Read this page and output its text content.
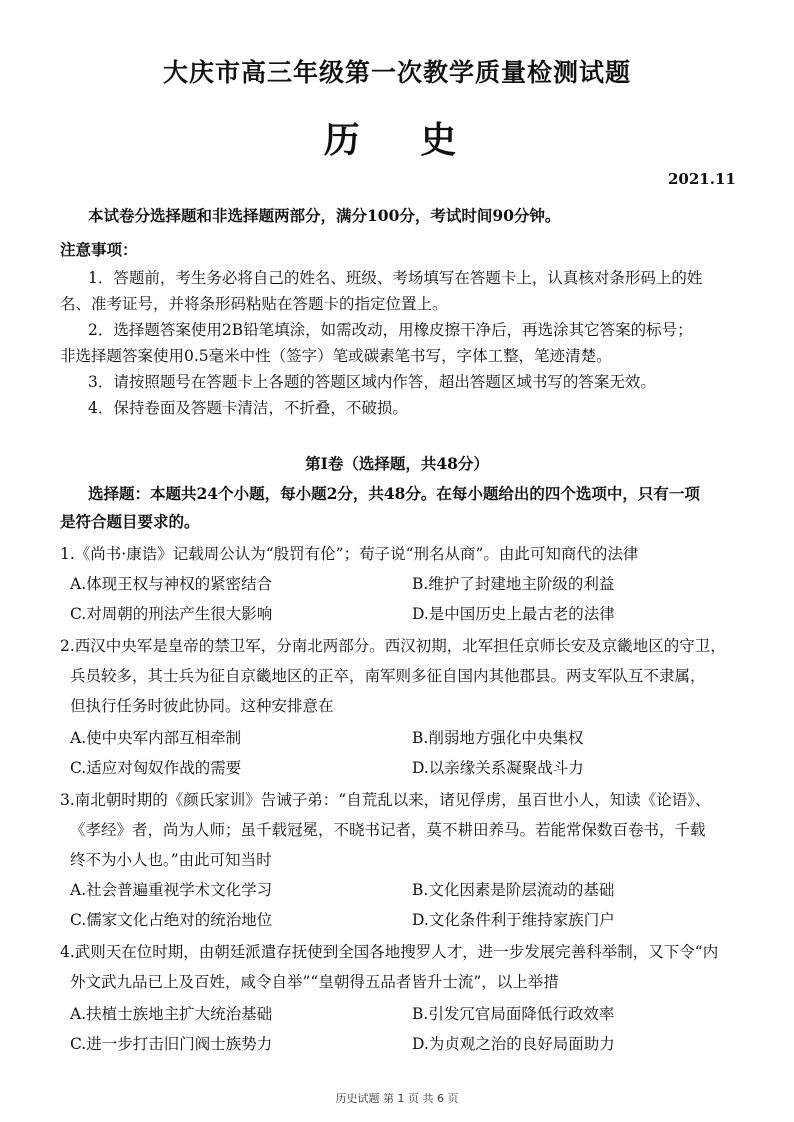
大庆市高三年级第一次教学质量检测试题
历 史
2021.11
本试卷分选择题和非选择题两部分，满分100分，考试时间90分钟。
注意事项：
1．答题前，考生务必将自己的姓名、班级、考场填写在答题卡上，认真核对条形码上的姓
名、准考证号，并将条形码粘贴在答题卡的指定位置上。
2．选择题答案使用2B铅笔填涂，如需改动，用橡皮擦干净后，再选涂其它答案的标号；
非选择题答案使用0.5毫米中性（签字）笔或碳素笔书写，字体工整，笔迹清楚。
3．请按照题号在答题卡上各题的答题区域内作答，超出答题区域书写的答案无效。
4．保持卷面及答题卡清洁，不折叠，不破损。
第Ⅰ卷（选择题，共48分）
选择题：本题共24个小题，每小题2分，共48分。在每小题给出的四个选项中，只有一项
是符合题目要求的。
1.《尚书·康诰》记载周公认为“殷罚有伦”；荀子说“刑名从商”。由此可知商代的法律
A.体现王权与神权的紧密结合	B.维护了封建地主阶级的利益
C.对周朝的刑法产生很大影响	D.是中国历史上最古老的法律
2.西汉中央军是皇帝的禁卫军，分南北两部分。西汉初期，北军担任京师长安及京畿地区的守卫，
兵员较多，其士兵为征自京畿地区的正卒，南军则多征自国内其他郡县。两支军队互不隶属，
但执行任务时彼此协同。这种安排意在
A.使中央军内部互相牵制	B.削弱地方强化中央集权
C.适应对匈奴作战的需要	D.以亲缘关系凝聚战斗力
3.南北朝时期的《颜氏家训》告诫子弟：“自荒乱以来，诸见俘虏，虽百世小人，知读《论语》、
《孝经》者，尚为人师；虽千载冠冕，不晓书记者，莫不耕田养马。若能常保数百卷书，千载
终不为小人也。”由此可知当时
A.社会普遍重视学术文化学习	B.文化因素是阶层流动的基础
C.儒家文化占绝对的统治地位	D.文化条件利于维持家族门户
4.武则天在位时期，由朝廷派遣存抚使到全国各地搜罗人才，进一步发展完善科举制，又下令“内
外文武九品已上及百姓，咸令自举”“皇朝得五品者皆升士流”，以上举措
A.扶植士族地主扩大统治基础	B.引发冗官局面降低行政效率
C.进一步打击旧门阀士族势力	D.为贞观之治的良好局面助力
历史试题 第 1 页 共 6 页
